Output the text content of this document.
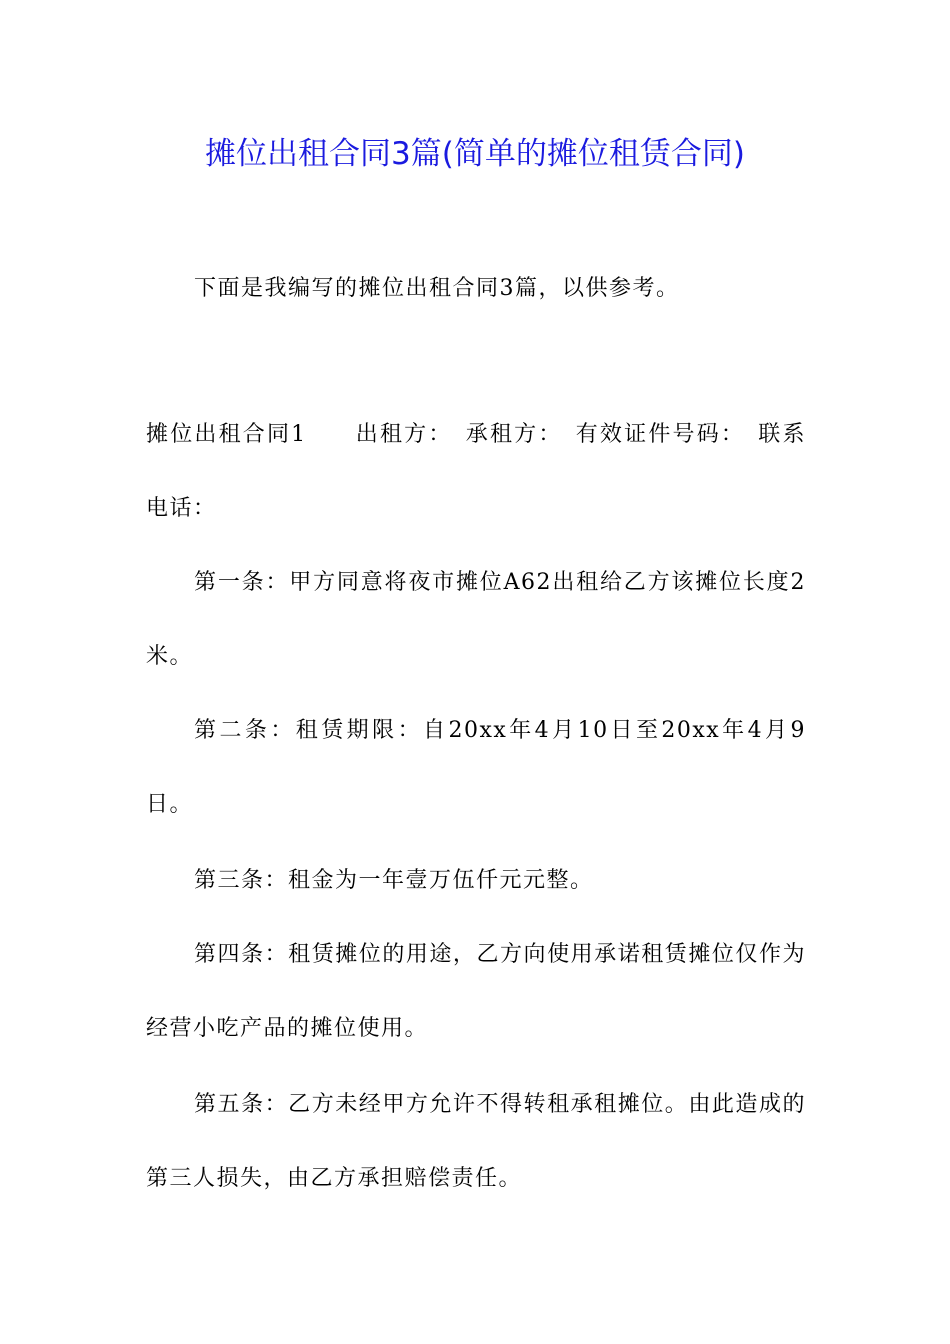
摊位出租合同3篇(简单的摊位租赁合同)

下面是我编写的摊位出租合同3篇，以供参考。

摊位出租合同1　　出租方：　承租方：　有效证件号码：　联系电话：

第一条：甲方同意将夜市摊位A62出租给乙方该摊位长度2米。

第二条：租赁期限：自20xx年4月10日至20xx年4月9日。

第三条：租金为一年壹万伍仟元元整。

第四条：租赁摊位的用途，乙方向使用承诺租赁摊位仅作为经营小吃产品的摊位使用。

第五条：乙方未经甲方允许不得转租承租摊位。由此造成的第三人损失，由乙方承担赔偿责任。
